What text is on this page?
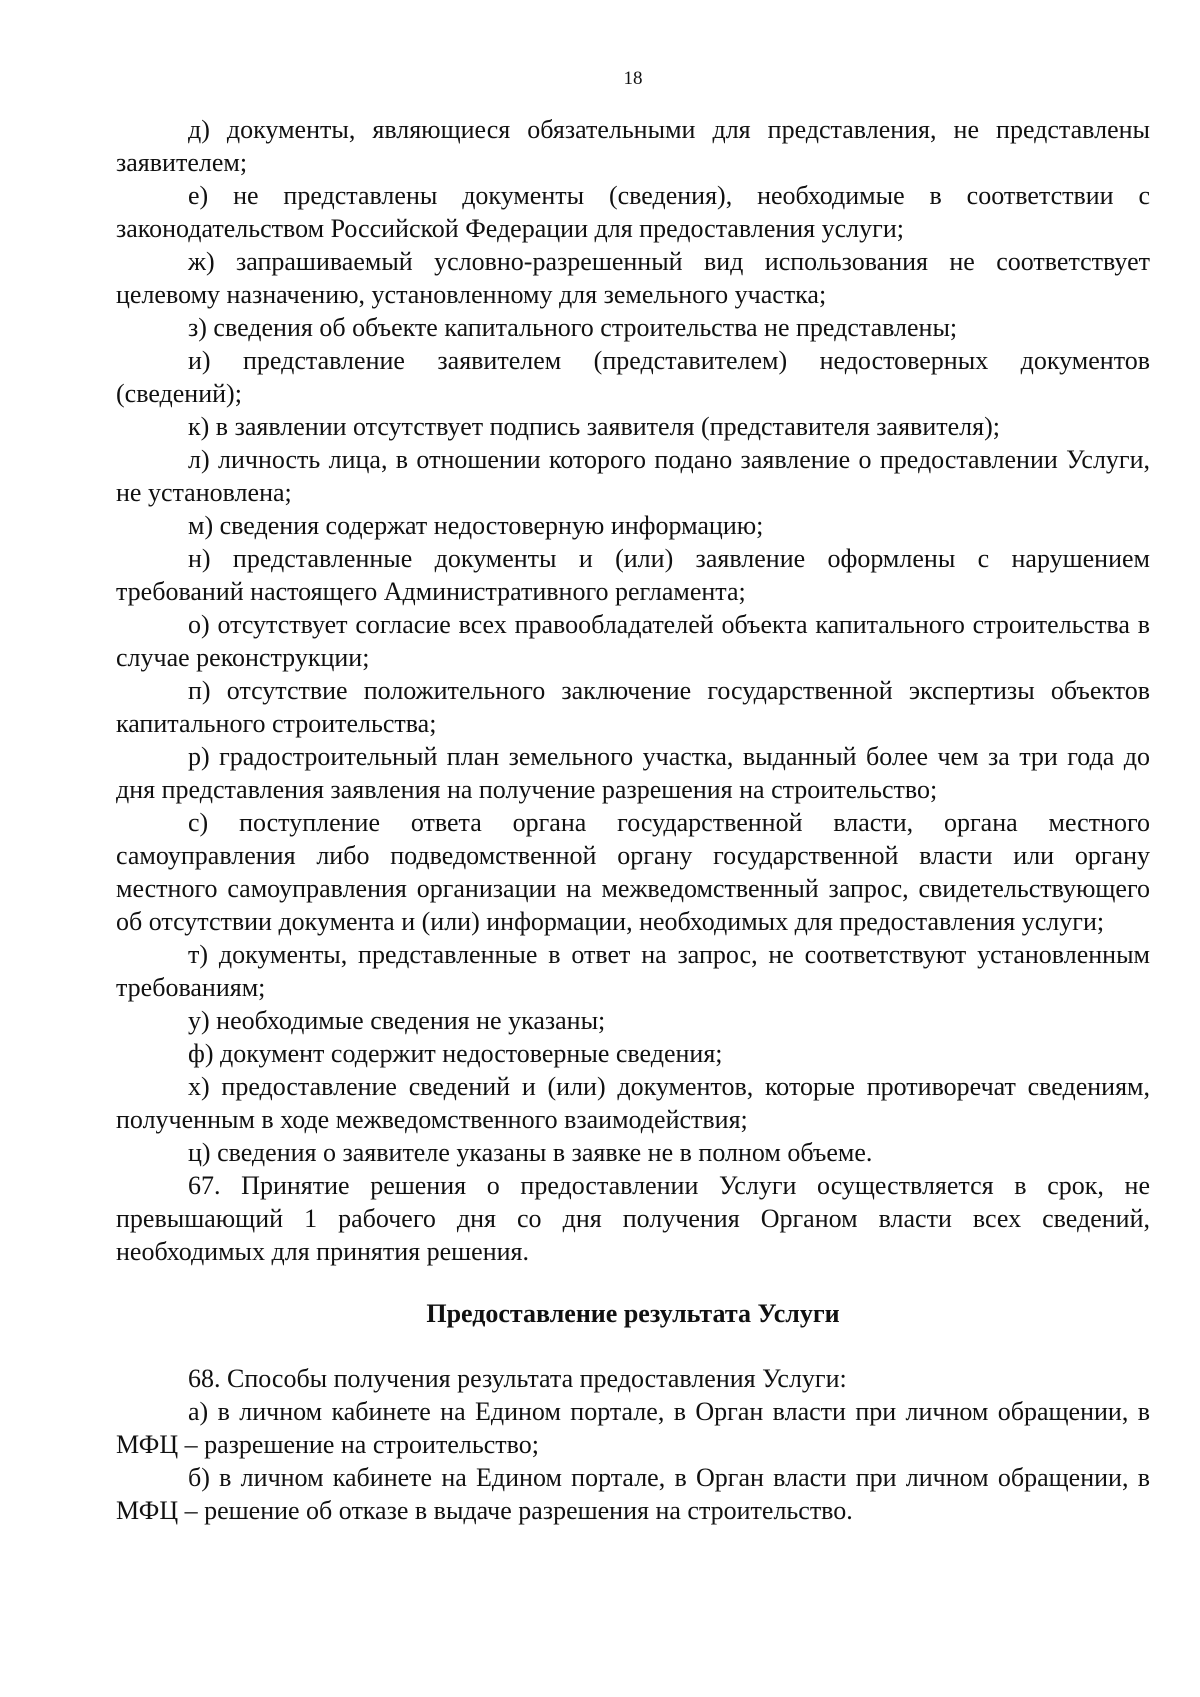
18

д) документы, являющиеся обязательными для представления, не представлены заявителем;

е) не представлены документы (сведения), необходимые в соответствии с законодательством Российской Федерации для предоставления услуги;

ж) запрашиваемый условно-разрешенный вид использования не соответствует целевому назначению, установленному для земельного участка;

з) сведения об объекте капитального строительства не представлены;

и) представление заявителем (представителем) недостоверных документов (сведений);

к) в заявлении отсутствует подпись заявителя (представителя заявителя);

л) личность лица, в отношении которого подано заявление о предоставлении Услуги, не установлена;

м) сведения содержат недостоверную информацию;

н) представленные документы и (или) заявление оформлены с нарушением требований настоящего Административного регламента;

о) отсутствует согласие всех правообладателей объекта капитального строительства в случае реконструкции;

п) отсутствие положительного заключение государственной экспертизы объектов капитального строительства;

р) градостроительный план земельного участка, выданный более чем за три года до дня представления заявления на получение разрешения на строительство;

с) поступление ответа органа государственной власти, органа местного самоуправления либо подведомственной органу государственной власти или органу местного самоуправления организации на межведомственный запрос, свидетельствующего об отсутствии документа и (или) информации, необходимых для предоставления услуги;

т) документы, представленные в ответ на запрос, не соответствуют установленным требованиям;

у) необходимые сведения не указаны;

ф) документ содержит недостоверные сведения;

х) предоставление сведений и (или) документов, которые противоречат сведениям, полученным в ходе межведомственного взаимодействия;

ц) сведения о заявителе указаны в заявке не в полном объеме.

67. Принятие решения о предоставлении Услуги осуществляется в срок, не превышающий 1 рабочего дня со дня получения Органом власти всех сведений, необходимых для принятия решения.

Предоставление результата Услуги

68. Способы получения результата предоставления Услуги:

а) в личном кабинете на Едином портале, в Орган власти при личном обращении, в МФЦ – разрешение на строительство;

б) в личном кабинете на Едином портале, в Орган власти при личном обращении, в МФЦ – решение об отказе в выдаче разрешения на строительство.
